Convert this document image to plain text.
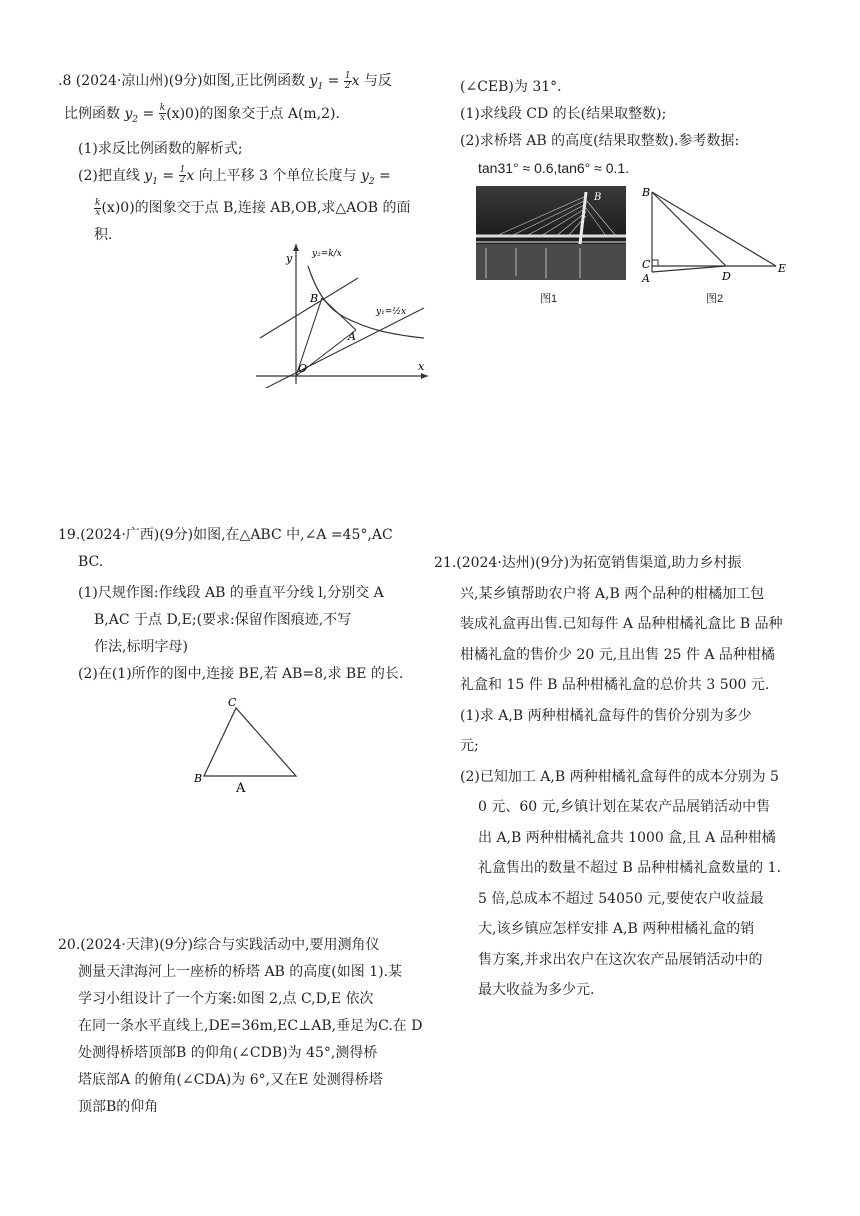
.8 (2024·凉山州)(9分)如图,正比例函数 $y_1 = \frac{1}{2}$ x 与反
比例函数 $y_2 = \frac{k}{x} (x)0$)的图象交于点 A(m,2).
(1)求反比例函数的解析式;
(2)把直线 $y_1 = \frac{1}{2}$ x 向上平移 3 个单位长度与 $y_2$ =
$\frac{k}{x} (x)0$)的图象交于点 B,连接 AB,OB,求△AOB 的面
积.
y
x
O
A
B
y₂=k/x
y₁=½x
19.(2024·广西)(9分)如图,在△ABC 中,∠A =45°,AC
BC.
(1)尺规作图:作线段 AB 的垂直平分线 l,分别交 A
B,AC 于点 D,E;(要求:保留作图痕迹,不写
作法,标明字母)
(2)在(1)所作的图中,连接 BE,若 AB=8,求 BE 的长.
C
B
A
20.(2024·天津)(9分)综合与实践活动中,要用测角仪
测量天津海河上一座桥的桥塔 AB 的高度(如图 1).某
学习小组设计了一个方案:如图 2,点 C,D,E 依次
在同一条水平直线上,DE=36m,EC⊥AB,垂足为C.在 D
处测得桥塔顶部B 的仰角(∠CDB)为 45°,测得桥
塔底部A 的俯角(∠CDA)为 6°,又在E 处测得桥塔
顶部B的仰角
(∠CEB)为 31°.
(1)求线段 CD 的长(结果取整数);
(2)求桥塔 AB 的高度(结果取整数).参考数据:
tan31° ≈ 0.6,tan6° ≈ 0.1.
B
图1
B
C
A	D
E
图2
21.(2024·达州)(9分)为拓宽销售渠道,助力乡村振
兴,某乡镇帮助农户将 A,B 两个品种的柑橘加工包
装成礼盒再出售.已知每件 A 品种柑橘礼盒比 B 品种
柑橘礼盒的售价少 20 元,且出售 25 件 A 品种柑橘
礼盒和 15 件 B 品种柑橘礼盒的总价共 3 500 元.
(1)求 A,B 两种柑橘礼盒每件的售价分别为多少
元;
(2)已知加工 A,B 两种柑橘礼盒每件的成本分别为 5
0 元、60 元,乡镇计划在某农产品展销活动中售
出 A,B 两种柑橘礼盒共 1000 盒,且 A 品种柑橘
礼盒售出的数量不超过 B 品种柑橘礼盒数量的 1.
5 倍,总成本不超过 54050 元,要使农户收益最
大,该乡镇应怎样安排 A,B 两种柑橘礼盒的销
售方案,并求出农户在这次农产品展销活动中的
最大收益为多少元.
